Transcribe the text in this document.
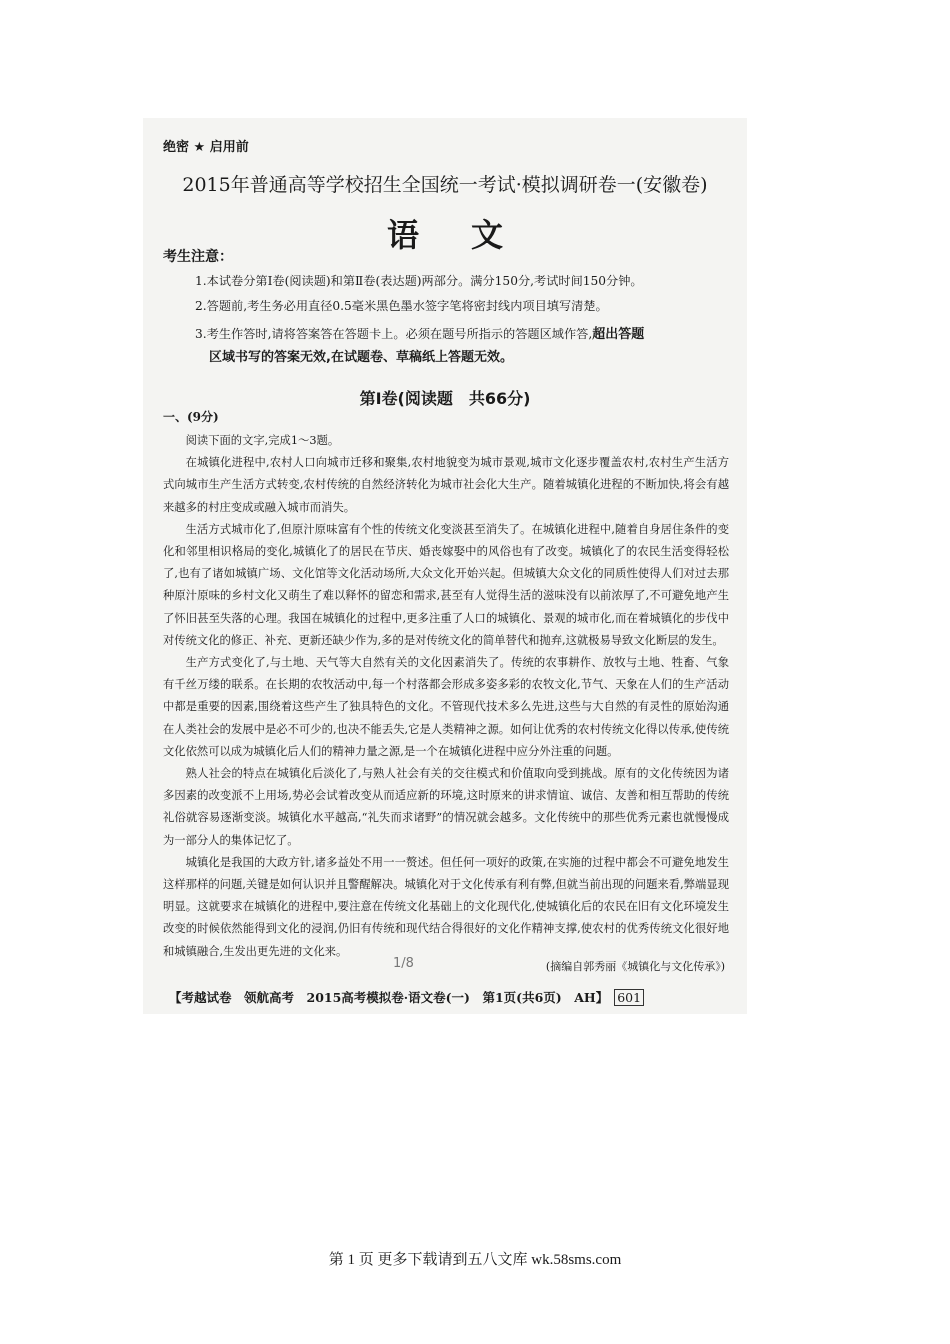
绝密 ★ 启用前
2015年普通高等学校招生全国统一考试·模拟调研卷一(安徽卷)
语文
考生注意：
1.本试卷分第Ⅰ卷(阅读题)和第Ⅱ卷(表达题)两部分。满分150分,考试时间150分钟。
2.答题前,考生务必用直径0.5毫米黑色墨水签字笔将密封线内项目填写清楚。
3.考生作答时,请将答案答在答题卡上。必须在题号所指示的答题区域作答,超出答题
区域书写的答案无效,在试题卷、草稿纸上答题无效。
第Ⅰ卷(阅读题　共66分)
一、(9分)

阅读下面的文字,完成1～3题。

在城镇化进程中,农村人口向城市迁移和聚集,农村地貌变为城市景观,城市文化逐步覆盖农村,农村生产生活方式向城市生产生活方式转变,农村传统的自然经济转化为城市社会化大生产。随着城镇化进程的不断加快,将会有越来越多的村庄变成或融入城市而消失。

生活方式城市化了,但原汁原味富有个性的传统文化变淡甚至消失了。在城镇化进程中,随着自身居住条件的变化和邻里相识格局的变化,城镇化了的居民在节庆、婚丧嫁娶中的风俗也有了改变。城镇化了的农民生活变得轻松了,也有了诸如城镇广场、文化馆等文化活动场所,大众文化开始兴起。但城镇大众文化的同质性使得人们对过去那种原汁原味的乡村文化又萌生了难以释怀的留恋和需求,甚至有人觉得生活的滋味没有以前浓厚了,不可避免地产生了怀旧甚至失落的心理。我国在城镇化的过程中,更多注重了人口的城镇化、景观的城市化,而在着城镇化的步伐中对传统文化的修正、补充、更新还缺少作为,多的是对传统文化的简单替代和抛弃,这就极易导致文化断层的发生。

生产方式变化了,与土地、天气等大自然有关的文化因素消失了。传统的农事耕作、放牧与土地、牲畜、气象有千丝万缕的联系。在长期的农牧活动中,每一个村落都会形成多姿多彩的农牧文化,节气、天象在人们的生产活动中都是重要的因素,围绕着这些产生了独具特色的文化。不管现代技术多么先进,这些与大自然的有灵性的原始沟通在人类社会的发展中是必不可少的,也决不能丢失,它是人类精神之源。如何让优秀的农村传统文化得以传承,使传统文化依然可以成为城镇化后人们的精神力量之源,是一个在城镇化进程中应分外注重的问题。

熟人社会的特点在城镇化后淡化了,与熟人社会有关的交往模式和价值取向受到挑战。原有的文化传统因为诸多因素的改变派不上用场,势必会试着改变从而适应新的环境,这时原来的讲求情谊、诚信、友善和相互帮助的传统礼俗就容易逐渐变淡。城镇化水平越高,“礼失而求诸野”的情况就会越多。文化传统中的那些优秀元素也就慢慢成为一部分人的集体记忆了。

城镇化是我国的大政方针,诸多益处不用一一赘述。但任何一项好的政策,在实施的过程中都会不可避免地发生这样那样的问题,关键是如何认识并且警醒解决。城镇化对于文化传承有利有弊,但就当前出现的问题来看,弊端显现明显。这就要求在城镇化的进程中,要注意在传统文化基础上的文化现代化,使城镇化后的农民在旧有文化环境发生改变的时候依然能得到文化的浸润,仍旧有传统和现代结合得很好的文化作精神支撑,使农村的优秀传统文化很好地和城镇融合,生发出更先进的文化来。

1/8	(摘编自郭秀丽《城镇化与文化传承》)
【考越试卷　领航高考　2015高考模拟卷·语文卷(一)　第1页(共6页)　AH】 601
第 1 页 更多下载请到五八文库 wk.58sms.com
